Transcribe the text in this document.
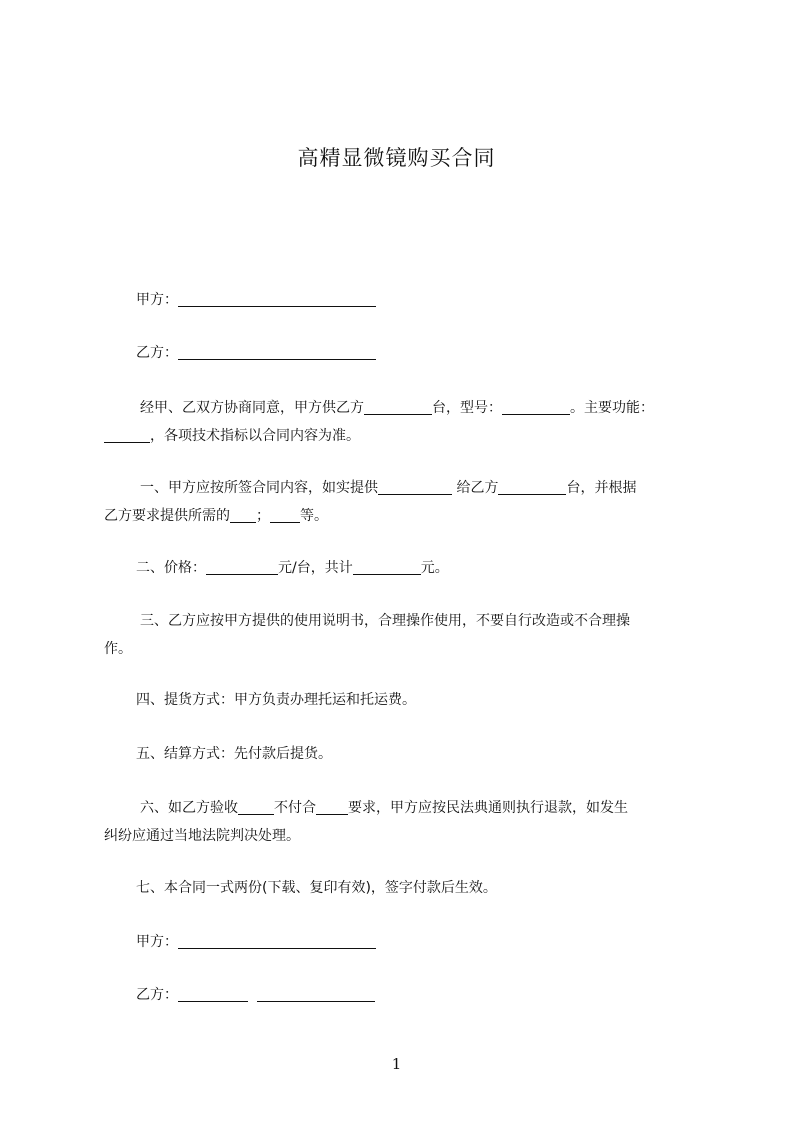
高精显微镜购买合同
甲方：
乙方：
经甲、乙双方协商同意，甲方供乙方	台，型号：	。主要功能：
，各项技术指标以合同内容为准。
一、甲方应按所签合同内容，如实提供	给乙方	台，并根据
乙方要求提供所需的 ； 等。
二、价格：	元/台，共计	元。
三、乙方应按甲方提供的使用说明书，合理操作使用，不要自行改造或不合理操
作。
四、提货方式：甲方负责办理托运和托运费。
五、结算方式：先付款后提货。
六、如乙方验收	不付合 要求，甲方应按民法典通则执行退款，如发生
纠纷应通过当地法院判决处理。
七、本合同一式两份(下载、复印有效)，签字付款后生效。
甲方：
乙方：
1
